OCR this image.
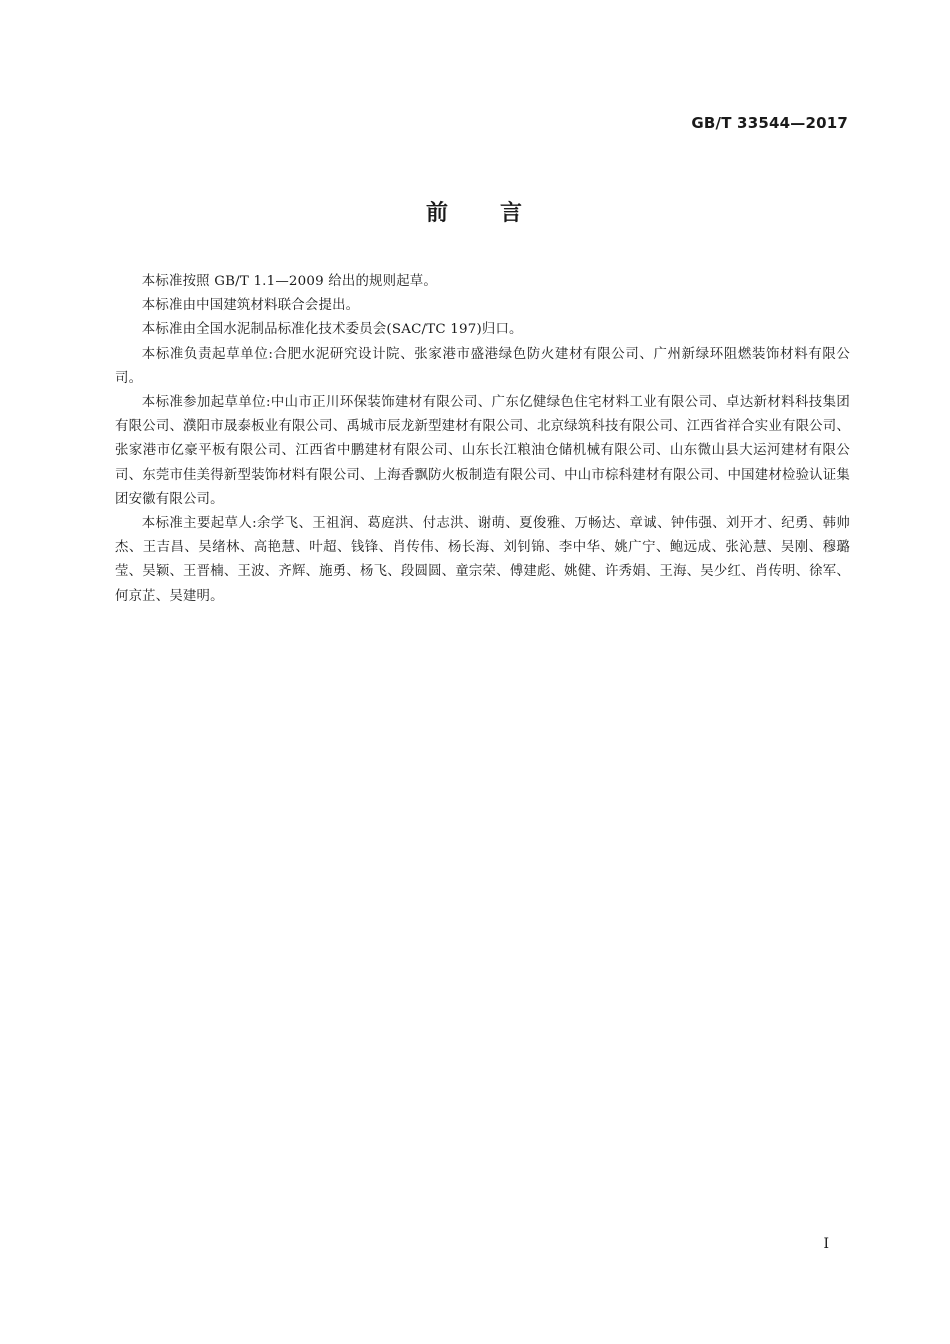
GB/T 33544—2017
前 言

本标准按照 GB/T 1.1—2009 给出的规则起草。

本标准由中国建筑材料联合会提出。

本标准由全国水泥制品标准化技术委员会(SAC/TC 197)归口。

本标准负责起草单位:合肥水泥研究设计院、张家港市盛港绿色防火建材有限公司、广州新绿环阻燃装饰材料有限公司。

本标准参加起草单位:中山市正川环保装饰建材有限公司、广东亿健绿色住宅材料工业有限公司、卓达新材料科技集团有限公司、濮阳市晟泰板业有限公司、禹城市辰龙新型建材有限公司、北京绿筑科技有限公司、江西省祥合实业有限公司、张家港市亿豪平板有限公司、江西省中鹏建材有限公司、山东长江粮油仓储机械有限公司、山东微山县大运河建材有限公司、东莞市佳美得新型装饰材料有限公司、上海香飘防火板制造有限公司、中山市棕科建材有限公司、中国建材检验认证集团安徽有限公司。

本标准主要起草人:余学飞、王祖润、葛庭洪、付志洪、谢萌、夏俊雅、万畅达、章诚、钟伟强、刘开才、纪勇、韩帅杰、王吉昌、吴绪林、高艳慧、叶超、钱锋、肖传伟、杨长海、刘钊锦、李中华、姚广宁、鲍远成、张沁慧、吴刚、穆璐莹、吴颖、王晋楠、王波、齐辉、施勇、杨飞、段圆圆、童宗荣、傅建彪、姚健、许秀娟、王海、吴少红、肖传明、徐军、何京芷、吴建明。

I
